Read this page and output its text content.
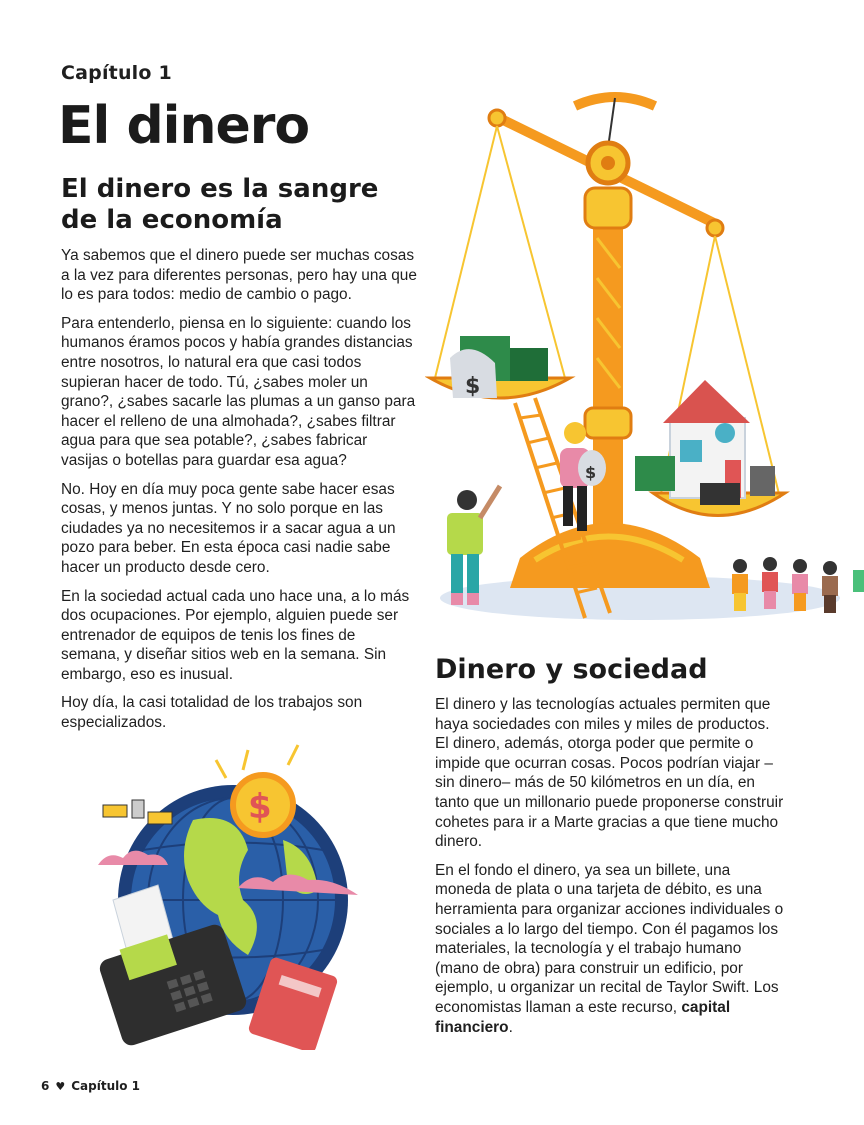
Capítulo 1
El dinero
El dinero es la sangre de la economía

Ya sabemos que el dinero puede ser muchas cosas a la vez para diferentes personas, pero hay una que lo es para todos: medio de cambio o pago.

Para entenderlo, piensa en lo siguiente: cuando los humanos éramos pocos y había grandes distancias entre nosotros, lo natural era que casi todos supieran hacer de todo. Tú, ¿sabes moler un grano?, ¿sabes sacarle las plumas a un ganso para hacer el relleno de una almohada?, ¿sabes filtrar agua para que sea potable?, ¿sabes fabricar vasijas o botellas para guardar esa agua?

No. Hoy en día muy poca gente sabe hacer esas cosas, y menos juntas. Y no solo porque en las ciudades ya no necesitemos ir a sacar agua a un pozo para beber. En esta época casi nadie sabe hacer un producto desde cero.

En la sociedad actual cada uno hace una, a lo más dos ocupaciones. Por ejemplo, alguien puede ser entrenador de equipos de tenis los fines de semana, y diseñar sitios web en la semana. Sin embargo, eso es inusual.

Hoy día, la casi totalidad de los trabajos son especializados.

Dinero y sociedad

El dinero y las tecnologías actuales permiten que haya sociedades con miles y miles de productos. El dinero, además, otorga poder que permite o impide que ocurran cosas. Pocos podrían viajar –sin dinero– más de 50 kilómetros en un día, en tanto que un millonario puede proponerse construir cohetes para ir a Marte gracias a que tiene mucho dinero.

En el fondo el dinero, ya sea un billete, una moneda de plata o una tarjeta de débito, es una herramienta para organizar acciones individuales o sociales a lo largo del tiempo. Con él pagamos los materiales, la tecnología y el trabajo humano (mano de obra) para construir un edificio, por ejemplo, u organizar un recital de Taylor Swift. Los economistas llaman a este recurso, capital financiero.

$
$
$
6 ♥ Capítulo 1
